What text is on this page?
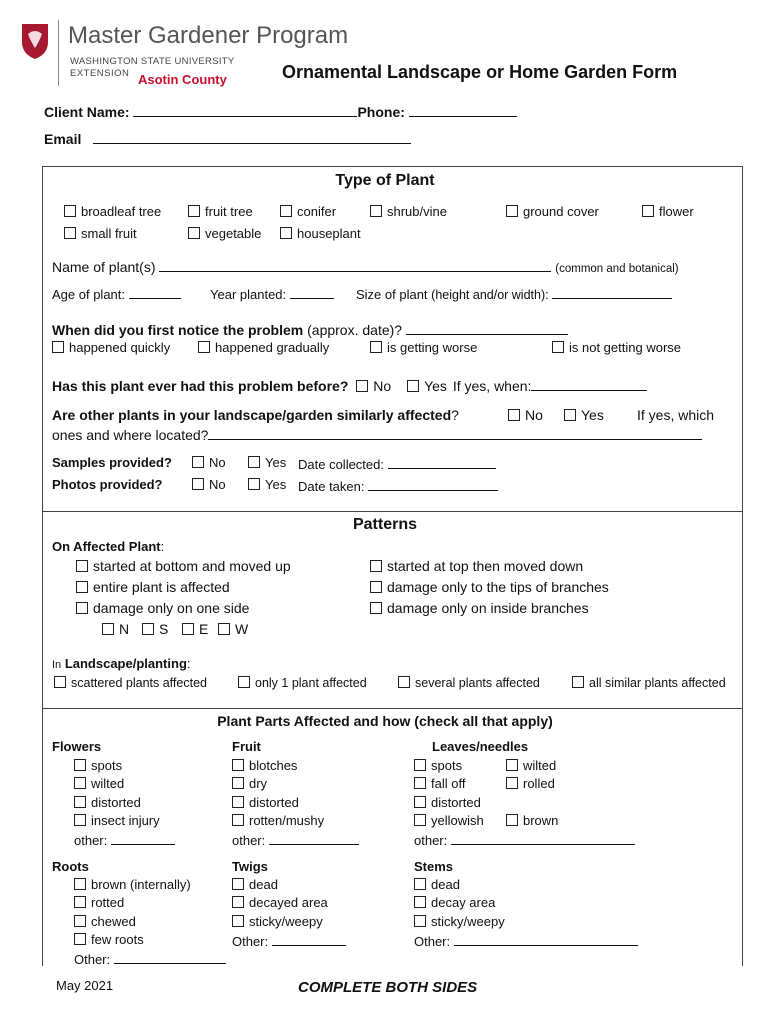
Master Gardener Program
WASHINGTON STATE UNIVERSITY
EXTENSION Asotin County	Ornamental Landscape or Home Garden Form
Client Name:	Phone:
Email
Type of Plant
broadleaf tree	fruit tree	conifer	shrub/vine	ground cover	flower
small fruit	vegetable	houseplant
Name of plant(s)	(common and botanical)
Age of plant:	Year planted:	Size of plant (height and/or width):
When did you first notice the problem (approx. date)?
happened quickly	happened gradually	is getting worse	is not getting worse
Has this plant ever had this problem before? No Yes If yes, when:
Are other plants in your landscape/garden similarly affected?	No	Yes If yes, which
ones and where located?
Samples provided?	No	Yes Date collected:
Photos provided?	No	Yes Date taken:
Patterns
On Affected Plant:
started at bottom and moved up
entire plant is affected
damage only on one side
started at top then moved down
damage only to the tips of branches
damage only on inside branches
N	S	E	W
In Landscape/planting:
scattered plants affected	only 1 plant affected	several plants affected	all similar plants affected
Plant Parts Affected and how (check all that apply)
Flowers
spots
wilted
distorted
insect injury
other:
Fruit
blotches
dry
distorted
rotten/mushy
other:
Leaves/needles
spots
fall off
distorted
yellowish
wilted
rolled
brown
other:
Roots
brown (internally)
rotted
chewed
few roots
Other:
Twigs
dead
decayed area
sticky/weepy
Other:
Stems
dead
decay area
sticky/weepy
Other:
May 2021	COMPLETE BOTH SIDES
